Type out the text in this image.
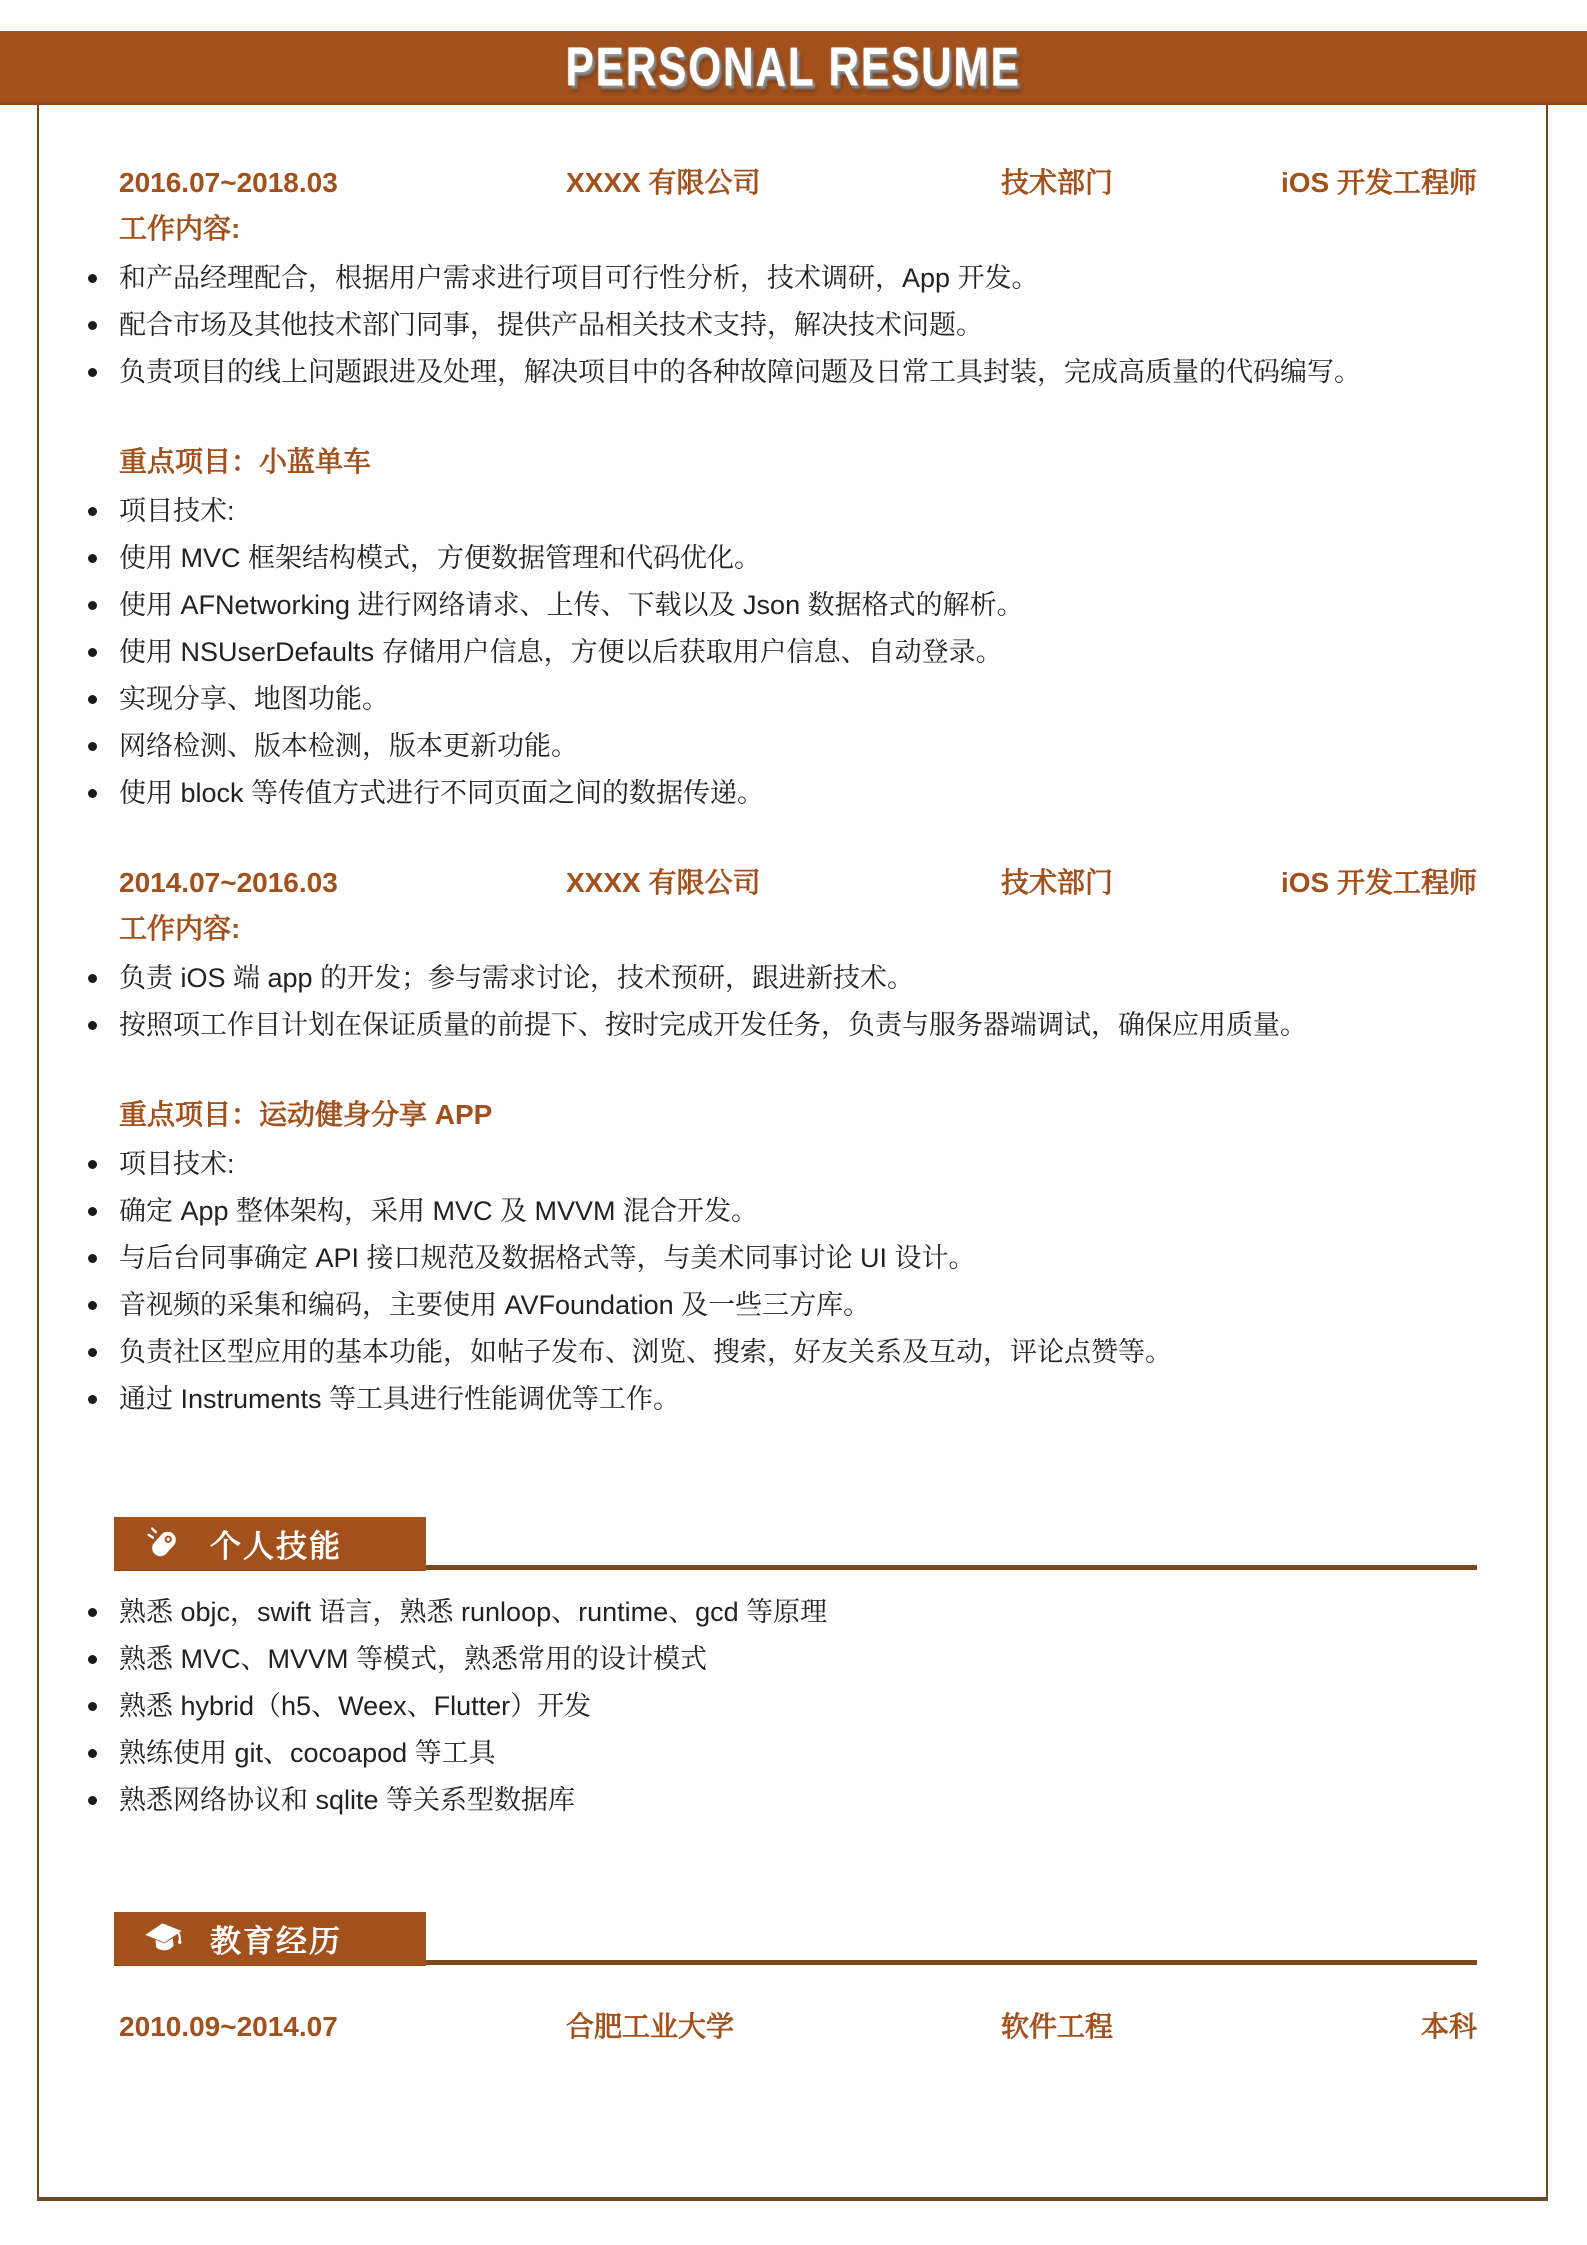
PERSONAL RESUME
2016.07~2018.03	XXXX 有限公司	技术部门	iOS 开发工程师
工作内容:
和产品经理配合，根据用户需求进行项目可行性分析，技术调研，App 开发。
配合市场及其他技术部门同事，提供产品相关技术支持，解决技术问题。
负责项目的线上问题跟进及处理，解决项目中的各种故障问题及日常工具封装，完成高质量的代码编写。
重点项目：小蓝单车
项目技术:
使用 MVC 框架结构模式，方便数据管理和代码优化。
使用 AFNetworking 进行网络请求、上传、下载以及 Json 数据格式的解析。
使用 NSUserDefaults 存储用户信息，方便以后获取用户信息、自动登录。
实现分享、地图功能。
网络检测、版本检测，版本更新功能。
使用 block 等传值方式进行不同页面之间的数据传递。
2014.07~2016.03	XXXX 有限公司	技术部门	iOS 开发工程师
工作内容:
负责 iOS 端 app 的开发；参与需求讨论，技术预研，跟进新技术。
按照项工作目计划在保证质量的前提下、按时完成开发任务，负责与服务器端调试，确保应用质量。
重点项目：运动健身分享 APP
项目技术:
确定 App 整体架构，采用 MVC 及 MVVM 混合开发。
与后台同事确定 API 接口规范及数据格式等，与美术同事讨论 UI 设计。
音视频的采集和编码，主要使用 AVFoundation 及一些三方库。
负责社区型应用的基本功能，如帖子发布、浏览、搜索，好友关系及互动，评论点赞等。
通过 Instruments 等工具进行性能调优等工作。
个人技能
熟悉 objc，swift 语言，熟悉 runloop、runtime、gcd 等原理
熟悉 MVC、MVVM 等模式，熟悉常用的设计模式
熟悉 hybrid（h5、Weex、Flutter）开发
熟练使用 git、cocoapod 等工具
熟悉网络协议和 sqlite 等关系型数据库
教育经历
2010.09~2014.07	合肥工业大学	软件工程	本科
